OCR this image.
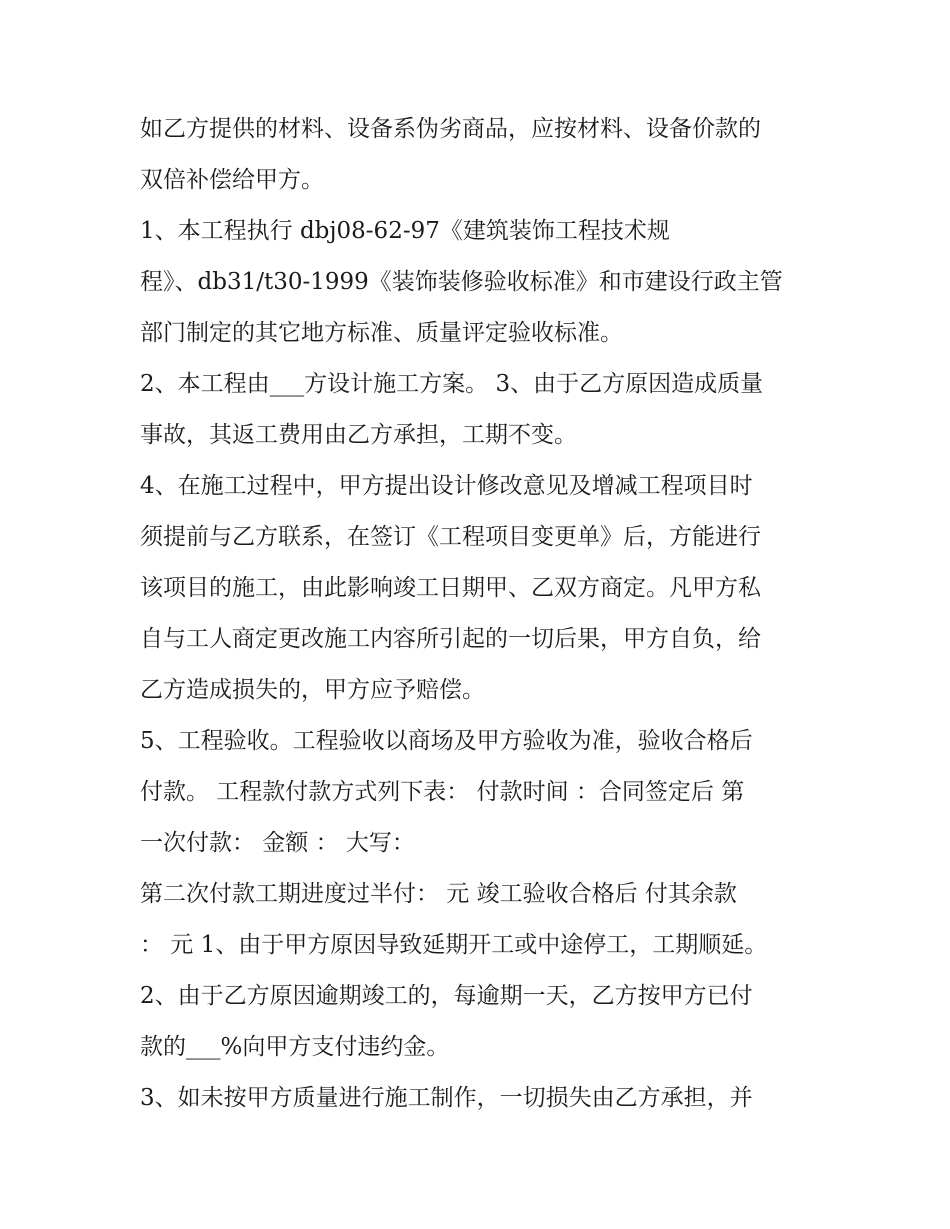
如乙方提供的材料、设备系伪劣商品，应按材料、设备价款的
双倍补偿给甲方。
1、本工程执行 dbj08-62-97《建筑装饰工程技术规
程》、db31/t30-1999《装饰装修验收标准》和市建设行政主管
部门制定的其它地方标准、质量评定验收标准。
2、本工程由___方设计施工方案。 3、由于乙方原因造成质量
事故，其返工费用由乙方承担，工期不变。
4、在施工过程中，甲方提出设计修改意见及增减工程项目时
须提前与乙方联系，在签订《工程项目变更单》后，方能进行
该项目的施工，由此影响竣工日期甲、乙双方商定。凡甲方私
自与工人商定更改施工内容所引起的一切后果，甲方自负，给
乙方造成损失的，甲方应予赔偿。
5、工程验收。工程验收以商场及甲方验收为准，验收合格后
付款。 工程款付款方式列下表： 付款时间 ：合同签定后 第
一次付款： 金额 ： 大写：
第二次付款工期进度过半付： 元 竣工验收合格后 付其余款
： 元 1、由于甲方原因导致延期开工或中途停工，工期顺延。
2、由于乙方原因逾期竣工的，每逾期一天，乙方按甲方已付
款的___%向甲方支付违约金。
3、如未按甲方质量进行施工制作，一切损失由乙方承担，并
